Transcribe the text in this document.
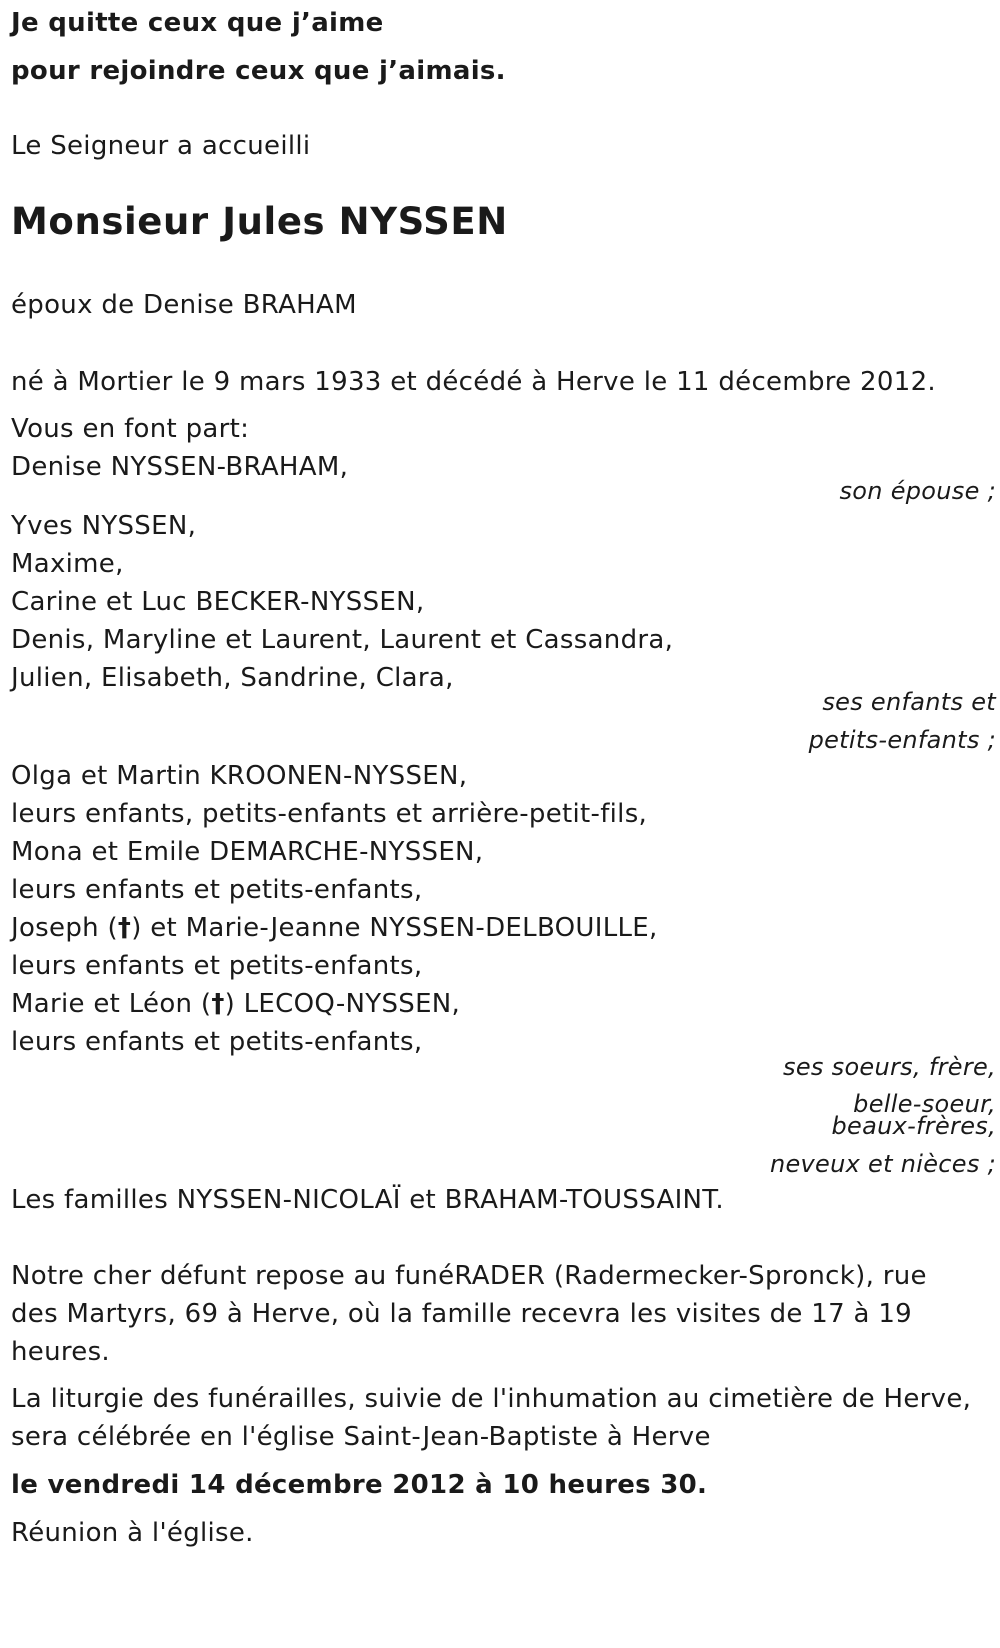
Je quitte ceux que j’aime

pour rejoindre ceux que j’aimais.

Le Seigneur a accueilli

Monsieur Jules NYSSEN

époux de Denise BRAHAM

né à Mortier le 9 mars 1933 et décédé à Herve le 11 décembre 2012.

Vous en font part:

Denise NYSSEN-BRAHAM,

son épouse ;

Yves NYSSEN,

Maxime,

Carine et Luc BECKER-NYSSEN,

Denis, Maryline et Laurent, Laurent et Cassandra,

Julien, Elisabeth, Sandrine, Clara,

ses enfants et

petits-enfants ;

Olga et Martin KROONEN-NYSSEN,

leurs enfants, petits-enfants et arrière-petit-fils,

Mona et Emile DEMARCHE-NYSSEN,

leurs enfants et petits-enfants,

Joseph (†) et Marie-Jeanne NYSSEN-DELBOUILLE,

leurs enfants et petits-enfants,

Marie et Léon (†) LECOQ-NYSSEN,

leurs enfants et petits-enfants,

ses soeurs, frère,

belle-soeur,

beaux-frères,

neveux et nièces ;

Les familles NYSSEN-NICOLAÏ et BRAHAM-TOUSSAINT.

Notre cher défunt repose au funéRADER (Radermecker-Spronck), rue

des Martyrs, 69 à Herve, où la famille recevra les visites de 17 à 19

heures.

La liturgie des funérailles, suivie de l'inhumation au cimetière de Herve,

sera célébrée en l'église Saint-Jean-Baptiste à Herve

le vendredi 14 décembre 2012 à 10 heures 30.

Réunion à l'église.
